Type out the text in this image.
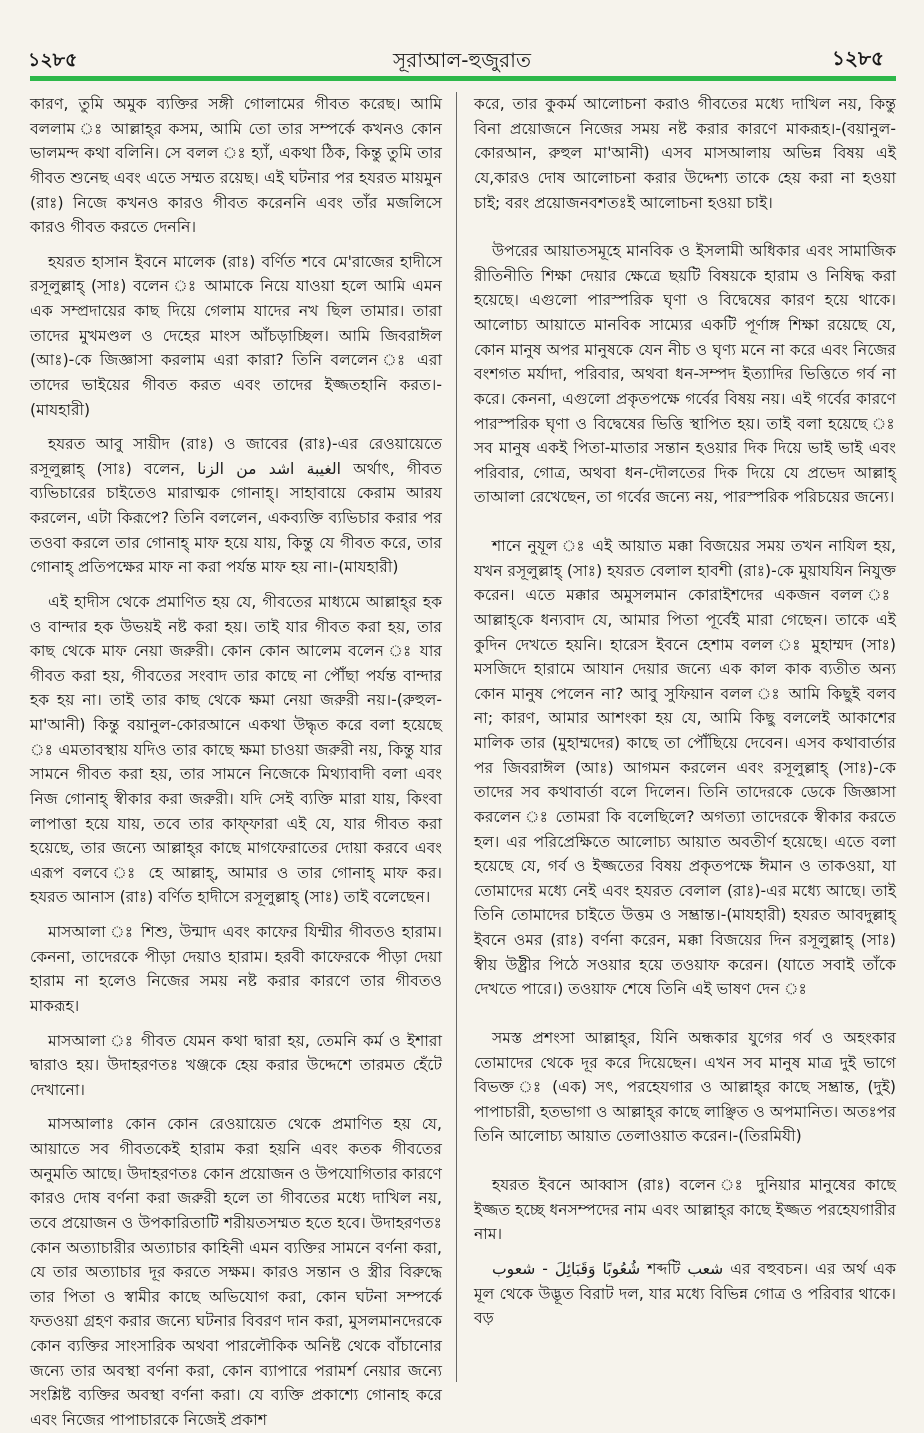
১২৮৫	সূরাআল-হুজুরাত	১২৮৫

কারণ, তুমি অমুক ব্যক্তির সঙ্গী গোলামের গীবত করেছ। আমি বললাম ঃ আল্লাহ্‌র কসম, আমি তো তার সম্পর্কে কখনও কোন ভালমন্দ কথা বলিনি। সে বলল ঃ হ্যাঁ, একথা ঠিক, কিন্তু তুমি তার গীবত শুনেছ এবং এতে সম্মত রয়েছ। এই ঘটনার পর হযরত মায়মুন (রাঃ) নিজে কখনও কারও গীবত করেননি এবং তাঁর মজলিসে কারও গীবত করতে দেননি।

হযরত হাসান ইবনে মালেক (রাঃ) বর্ণিত শবে মে'রাজের হাদীসে রসূলুল্লাহ্ (সাঃ) বলেন ঃ আমাকে নিয়ে যাওয়া হলে আমি এমন এক সম্প্রদায়ের কাছ দিয়ে গেলাম যাদের নখ ছিল তামার। তারা তাদের মুখমণ্ডল ও দেহের মাংস আঁচড়াচ্ছিল। আমি জিবরাঈল (আঃ)-কে জিজ্ঞাসা করলাম এরা কারা? তিনি বললেন ঃ এরা তাদের ভাইয়ের গীবত করত এবং তাদের ইজ্জতহানি করত।-(মাযহারী)

হযরত আবু সায়ীদ (রাঃ) ও জাবের (রাঃ)-এর রেওয়ায়েতে রসূলুল্লাহ্ (সাঃ) বলেন, الغيبة اشد من الزنا অর্থাৎ, গীবত ব্যভিচারের চাইতেও মারাত্মক গোনাহ্। সাহাবায়ে কেরাম আরয করলেন, এটা কিরূপে? তিনি বললেন, একব্যক্তি ব্যভিচার করার পর তওবা করলে তার গোনাহ্ মাফ হয়ে যায়, কিন্তু যে গীবত করে, তার গোনাহ্ প্রতিপক্ষের মাফ না করা পর্যন্ত মাফ হয় না।-(মাযহারী)

এই হাদীস থেকে প্রমাণিত হয় যে, গীবতের মাধ্যমে আল্লাহ্‌র হক ও বান্দার হক উভয়ই নষ্ট করা হয়। তাই যার গীবত করা হয়, তার কাছ থেকে মাফ নেয়া জরুরী। কোন কোন আলেম বলেন ঃ যার গীবত করা হয়, গীবতের সংবাদ তার কাছে না পৌঁছা পর্যন্ত বান্দার হক হয় না। তাই তার কাছ থেকে ক্ষমা নেয়া জরুরী নয়।-(রুহুল-মা'আনী) কিন্তু বয়ানুল-কোরআনে একথা উদ্ধৃত করে বলা হয়েছে ঃ এমতাবস্থায় যদিও তার কাছে ক্ষমা চাওয়া জরুরী নয়, কিন্তু যার সামনে গীবত করা হয়, তার সামনে নিজেকে মিথ্যাবাদী বলা এবং নিজ গোনাহ্ স্বীকার করা জরুরী। যদি সেই ব্যক্তি মারা যায়, কিংবা লাপাত্তা হয়ে যায়, তবে তার কাফ্ফারা এই যে, যার গীবত করা হয়েছে, তার জন্যে আল্লাহ্‌র কাছে মাগফেরাতের দোয়া করবে এবং এরূপ বলবে ঃ হে আল্লাহ্, আমার ও তার গোনাহ্ মাফ কর। হযরত আনাস (রাঃ) বর্ণিত হাদীসে রসূলুল্লাহ্ (সাঃ) তাই বলেছেন।

মাসআলা ঃ শিশু, উন্মাদ এবং কাফের যিম্মীর গীবতও হারাম। কেননা, তাদেরকে পীড়া দেয়াও হারাম। হরবী কাফেরকে পীড়া দেয়া হারাম না হলেও নিজের সময় নষ্ট করার কারণে তার গীবতও মাকরূহ।

মাসআলা ঃ গীবত যেমন কথা দ্বারা হয়, তেমনি কর্ম ও ইশারা দ্বারাও হয়। উদাহরণতঃ খঞ্জকে হেয় করার উদ্দেশে তারমত হেঁটে দেখানো।

মাসআলাঃ কোন কোন রেওয়ায়েত থেকে প্রমাণিত হয় যে, আয়াতে সব গীবতকেই হারাম করা হয়নি এবং কতক গীবতের অনুমতি আছে। উদাহরণতঃ কোন প্রয়োজন ও উপযোগিতার কারণে কারও দোষ বর্ণনা করা জরুরী হলে তা গীবতের মধ্যে দাখিল নয়, তবে প্রয়োজন ও উপকারিতাটি শরীয়তসম্মত হতে হবে। উদাহরণতঃ কোন অত্যাচারীর অত্যাচার কাহিনী এমন ব্যক্তির সামনে বর্ণনা করা, যে তার অত্যাচার দূর করতে সক্ষম। কারও সন্তান ও স্ত্রীর বিরুদ্ধে তার পিতা ও স্বামীর কাছে অভিযোগ করা, কোন ঘটনা সম্পর্কে ফতওয়া গ্রহণ করার জন্যে ঘটনার বিবরণ দান করা, মুসলমানদেরকে কোন ব্যক্তির সাংসারিক অথবা পারলৌকিক অনিষ্ট থেকে বাঁচানোর জন্যে তার অবস্থা বর্ণনা করা, কোন ব্যাপারে পরামর্শ নেয়ার জন্যে সংশ্লিষ্ট ব্যক্তির অবস্থা বর্ণনা করা। যে ব্যক্তি প্রকাশ্যে গোনাহ করে এবং নিজের পাপাচারকে নিজেই প্রকাশ

করে, তার কুকর্ম আলোচনা করাও গীবতের মধ্যে দাখিল নয়, কিন্তু বিনা প্রয়োজনে নিজের সময় নষ্ট করার কারণে মাকরূহ।-(বয়ানুল-কোরআন, রুহুল মা'আনী) এসব মাসআলায় অভিন্ন বিষয় এই যে,কারও দোষ আলোচনা করার উদ্দেশ্য তাকে হেয় করা না হওয়া চাই; বরং প্রয়োজনবশতঃই আলোচনা হওয়া চাই।

উপরের আয়াতসমূহে মানবিক ও ইসলামী অধিকার এবং সামাজিক রীতিনীতি শিক্ষা দেয়ার ক্ষেত্রে ছয়টি বিষয়কে হারাম ও নিষিদ্ধ করা হয়েছে। এগুলো পারস্পরিক ঘৃণা ও বিদ্বেষের কারণ হয়ে থাকে। আলোচ্য আয়াতে মানবিক সাম্যের একটি পূর্ণাঙ্গ শিক্ষা রয়েছে যে, কোন মানুষ অপর মানুষকে যেন নীচ ও ঘৃণ্য মনে না করে এবং নিজের বংশগত মর্যাদা, পরিবার, অথবা ধন-সম্পদ ইত্যাদির ভিত্তিতে গর্ব না করে। কেননা, এগুলো প্রকৃতপক্ষে গর্বের বিষয় নয়। এই গর্বের কারণে পারস্পরিক ঘৃণা ও বিদ্বেষের ভিত্তি স্থাপিত হয়। তাই বলা হয়েছে ঃ সব মানুষ একই পিতা-মাতার সন্তান হওয়ার দিক দিয়ে ভাই ভাই এবং পরিবার, গোত্র, অথবা ধন-দৌলতের দিক দিয়ে যে প্রভেদ আল্লাহ্ তাআলা রেখেছেন, তা গর্বের জন্যে নয়, পারস্পরিক পরিচয়ের জন্যে।

শানে নুযূল ঃ এই আয়াত মক্কা বিজয়ের সময় তখন নাযিল হয়, যখন রসূলুল্লাহ্ (সাঃ) হযরত বেলাল হাবশী (রাঃ)-কে মুয়াযযিন নিযুক্ত করেন। এতে মক্কার অমুসলমান কোরাইশদের একজন বলল ঃ আল্লাহ্‌কে ধন্যবাদ যে, আমার পিতা পূর্বেই মারা গেছেন। তাকে এই কুদিন দেখতে হয়নি। হারেস ইবনে হেশাম বলল ঃ মুহাম্মদ (সাঃ) মসজিদে হারামে আযান দেয়ার জন্যে এক কাল কাক ব্যতীত অন্য কোন মানুষ পেলেন না? আবু সুফিয়ান বলল ঃ আমি কিছুই বলব না; কারণ, আমার আশংকা হয় যে, আমি কিছু বললেই আকাশের মালিক তার (মুহাম্মদের) কাছে তা পৌঁছিয়ে দেবেন। এসব কথাবার্তার পর জিবরাঈল (আঃ) আগমন করলেন এবং রসূলুল্লাহ্ (সাঃ)-কে তাদের সব কথাবার্তা বলে দিলেন। তিনি তাদেরকে ডেকে জিজ্ঞাসা করলেন ঃ তোমরা কি বলেছিলে? অগত্যা তাদেরকে স্বীকার করতে হল। এর পরিপ্রেক্ষিতে আলোচ্য আয়াত অবতীর্ণ হয়েছে। এতে বলা হয়েছে যে, গর্ব ও ইজ্জতের বিষয় প্রকৃতপক্ষে ঈমান ও তাকওয়া, যা তোমাদের মধ্যে নেই এবং হযরত বেলাল (রাঃ)-এর মধ্যে আছে। তাই তিনি তোমাদের চাইতে উত্তম ও সম্ভ্রান্ত।-(মাযহারী) হযরত আবদুল্লাহ্ ইবনে ওমর (রাঃ) বর্ণনা করেন, মক্কা বিজয়ের দিন রসূলুল্লাহ্ (সাঃ) স্বীয় উষ্ট্রীর পিঠে সওয়ার হয়ে তওয়াফ করেন। (যাতে সবাই তাঁকে দেখতে পারে।) তওয়াফ শেষে তিনি এই ভাষণ দেন ঃ

সমস্ত প্রশংসা আল্লাহ্‌র, যিনি অন্ধকার যুগের গর্ব ও অহংকার তোমাদের থেকে দূর করে দিয়েছেন। এখন সব মানুষ মাত্র দুই ভাগে বিভক্ত ঃ (এক) সৎ, পরহেযগার ও আল্লাহ্‌র কাছে সম্ভ্রান্ত, (দুই) পাপাচারী, হতভাগা ও আল্লাহ্‌র কাছে লাঞ্ছিত ও অপমানিত। অতঃপর তিনি আলোচ্য আয়াত তেলাওয়াত করেন।-(তিরমিযী)

হযরত ইবনে আব্বাস (রাঃ) বলেন ঃ দুনিয়ার মানুষের কাছে ইজ্জত হচ্ছে ধনসম্পদের নাম এবং আল্লাহ্‌র কাছে ইজ্জত পরহেযগারীর নাম।

شُعُوبًا وَقَبَائِلَ - شعوب শব্দটি شعب এর বহুবচন। এর অর্থ এক মূল থেকে উদ্ভূত বিরাট দল, যার মধ্যে বিভিন্ন গোত্র ও পরিবার থাকে। বড়
